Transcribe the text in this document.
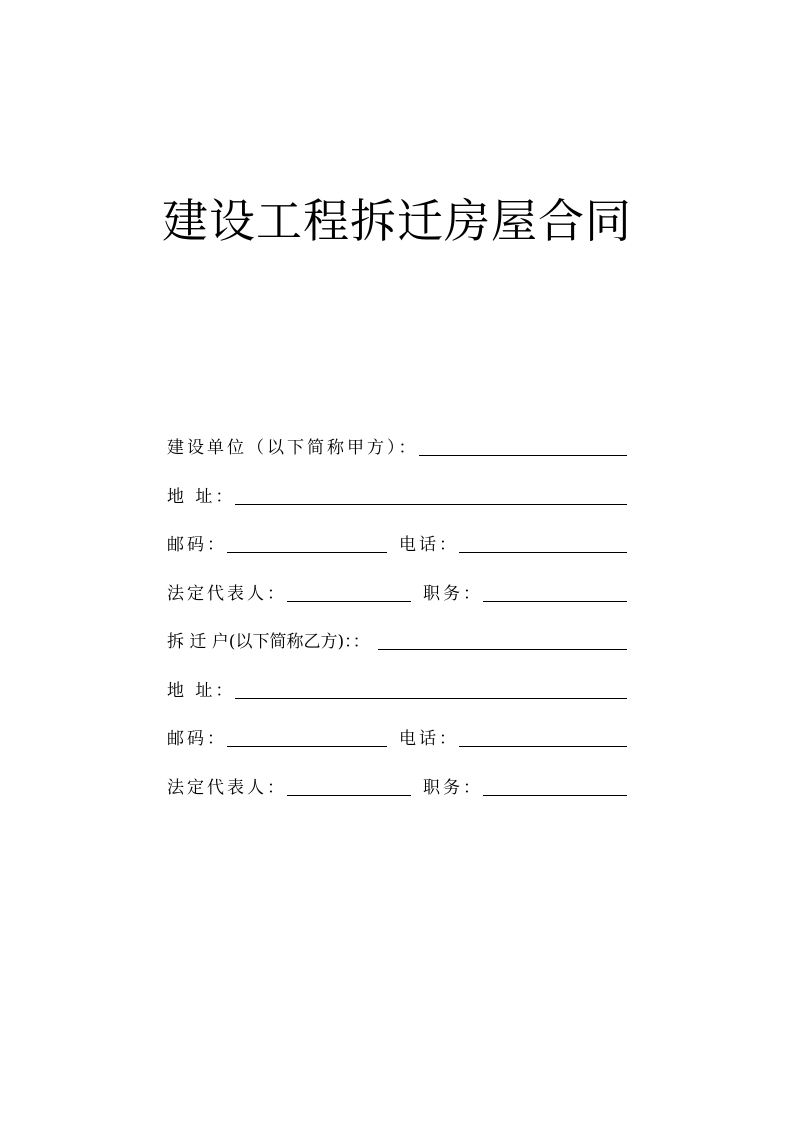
建设工程拆迁房屋合同
建设单位（以下简称甲方）：
地 址：
邮码：	电话：
法定代表人：	职务：
拆 迁 户(以下简称乙方)：：
地 址：
邮码：	电话：
法定代表人：	职务：
